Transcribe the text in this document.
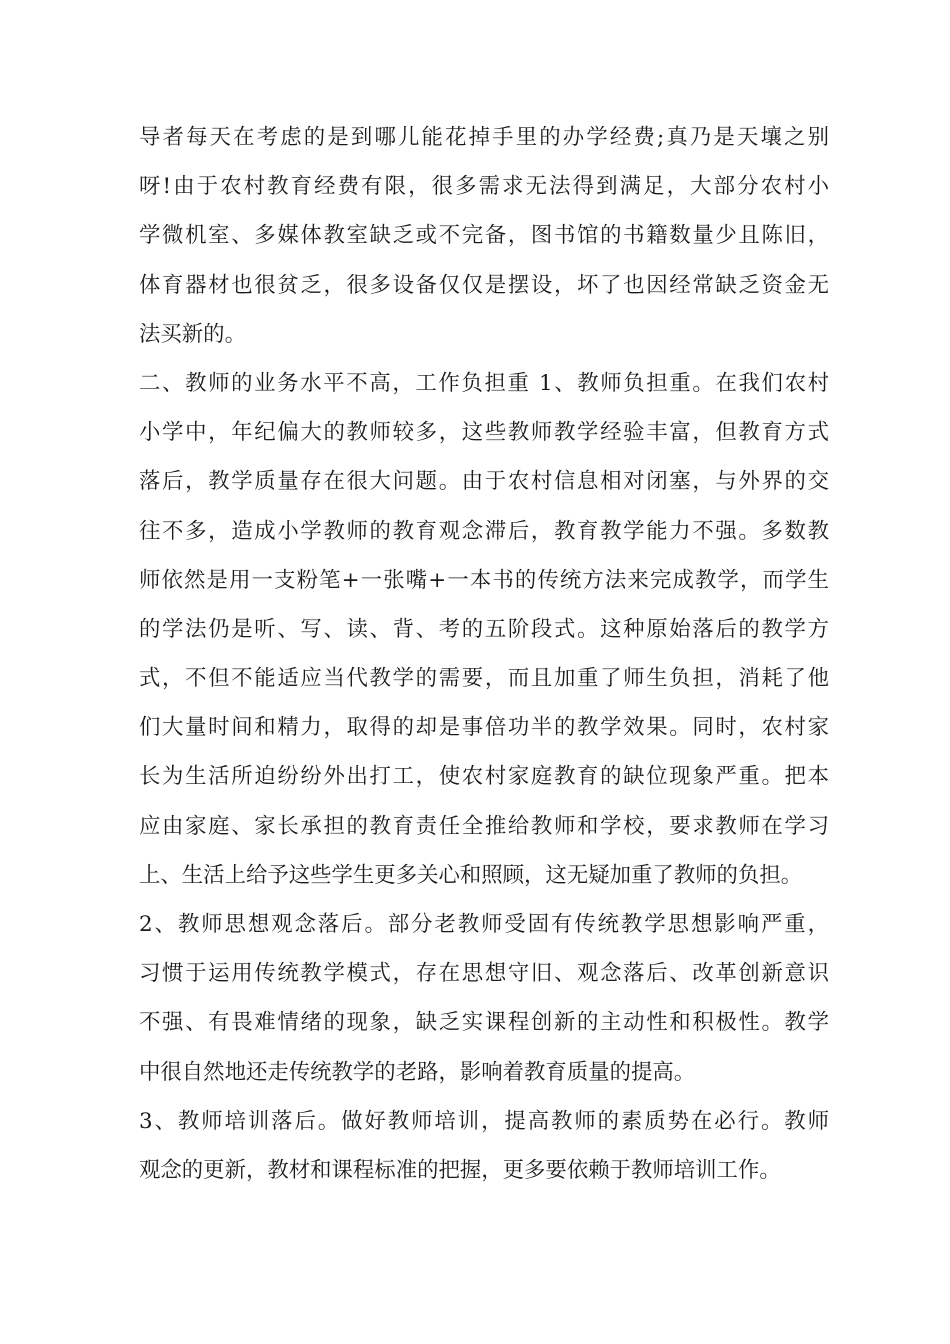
导者每天在考虑的是到哪儿能花掉手里的办学经费;真乃是天壤之别
呀!由于农村教育经费有限，很多需求无法得到满足，大部分农村小
学微机室、多媒体教室缺乏或不完备，图书馆的书籍数量少且陈旧，
体育器材也很贫乏，很多设备仅仅是摆设，坏了也因经常缺乏资金无
法买新的。
二、教师的业务水平不高，工作负担重 1、教师负担重。在我们农村
小学中，年纪偏大的教师较多，这些教师教学经验丰富，但教育方式
落后，教学质量存在很大问题。由于农村信息相对闭塞，与外界的交
往不多，造成小学教师的教育观念滞后，教育教学能力不强。多数教
师依然是用一支粉笔+一张嘴+一本书的传统方法来完成教学，而学生
的学法仍是听、写、读、背、考的五阶段式。这种原始落后的教学方
式，不但不能适应当代教学的需要，而且加重了师生负担，消耗了他
们大量时间和精力，取得的却是事倍功半的教学效果。同时，农村家
长为生活所迫纷纷外出打工，使农村家庭教育的缺位现象严重。把本
应由家庭、家长承担的教育责任全推给教师和学校，要求教师在学习
上、生活上给予这些学生更多关心和照顾，这无疑加重了教师的负担。
2、教师思想观念落后。部分老教师受固有传统教学思想影响严重，
习惯于运用传统教学模式，存在思想守旧、观念落后、改革创新意识
不强、有畏难情绪的现象，缺乏实课程创新的主动性和积极性。教学
中很自然地还走传统教学的老路，影响着教育质量的提高。
3、教师培训落后。做好教师培训，提高教师的素质势在必行。教师
观念的更新，教材和课程标准的把握，更多要依赖于教师培训工作。
